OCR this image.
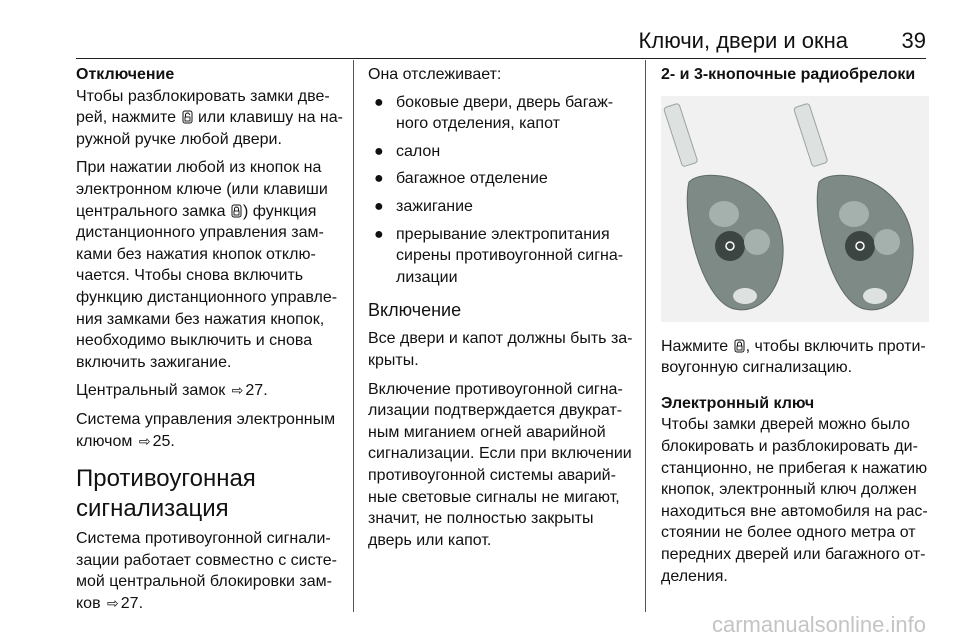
Ключи, двери и окна 39
Отключение
Чтобы разблокировать замки две-
рей, нажмите или клавишу на на-
ружной ручке любой двери.
При нажатии любой из кнопок на
электронном ключе (или клавиши
центрального замка ) функция
дистанционного управления зам-
ками без нажатия кнопок отклю-
чается. Чтобы снова включить
функцию дистанционного управле-
ния замками без нажатия кнопок,
необходимо выключить и снова
включить зажигание.
Центральный замок ⇨ 27.
Система управления электронным
ключом ⇨ 25.
Противоугонная
сигнализация
Система противоугонной сигнали-
зации работает совместно с систе-
мой центральной блокировки зам-
ков ⇨ 27.
Она отслеживает:
● боковые двери, дверь багаж-
ного отделения, капот
● салон
● багажное отделение
● зажигание
● прерывание электропитания
сирены противоугонной сигна-
лизации
Включение
Все двери и капот должны быть за-
крыты.
Включение противоугонной сигна-
лизации подтверждается двукрат-
ным миганием огней аварийной
сигнализации. Если при включении
противоугонной системы аварий-
ные световые сигналы не мигают,
значит, не полностью закрыты
дверь или капот.
2- и 3-кнопочные радиобрелоки
Нажмите , чтобы включить проти-
воугонную сигнализацию.
Электронный ключ
Чтобы замки дверей можно было
блокировать и разблокировать ди-
станционно, не прибегая к нажатию
кнопок, электронный ключ должен
находиться вне автомобиля на рас-
стоянии не более одного метра от
передних дверей или багажного от-
деления.
carmanualsonline.info
